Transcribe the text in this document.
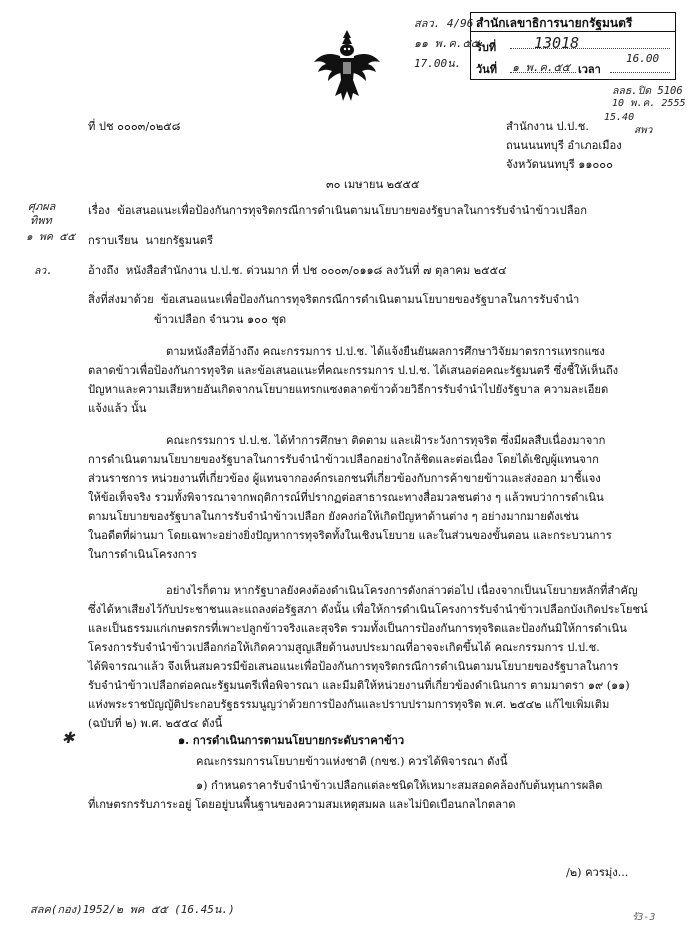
สำนักเลขาธิการนายกรัฐมนตรี
รับที่	13018
วันที่ ๑ พ.ค.๕๕ เวลา
16.00
สลว. 4/96
๑๑ พ.ค.๕๕
17.00น.
ลลธ.ปิด 5106
10 พ.ค. 2555
15.40
สพว
ที่ ปช ๐๐๐๓/๐๒๕๘	สำนักงาน ป.ป.ช.
ถนนนนทบุรี อำเภอเมือง
จังหวัดนนทบุรี ๑๑๐๐๐
๓๐ เมษายน ๒๕๕๕
ศุภผล
ทิพท
๑ พค ๕๕
ลว.
เรื่อง ข้อเสนอแนะเพื่อป้องกันการทุจริตกรณีการดำเนินตามนโยบายของรัฐบาลในการรับจำนำข้าวเปลือก
กราบเรียน นายกรัฐมนตรี
อ้างถึง หนังสือสำนักงาน ป.ป.ช. ด่วนมาก ที่ ปช ๐๐๐๓/๐๑๑๘ ลงวันที่ ๗ ตุลาคม ๒๕๕๔
สิ่งที่ส่งมาด้วย ข้อเสนอแนะเพื่อป้องกันการทุจริตกรณีการดำเนินตามนโยบายของรัฐบาลในการรับจำนำ
ข้าวเปลือก จำนวน ๑๐๐ ชุด
ตามหนังสือที่อ้างถึง คณะกรรมการ ป.ป.ช. ได้แจ้งยืนยันผลการศึกษาวิจัยมาตรการแทรกแซง
ตลาดข้าวเพื่อป้องกันการทุจริต และข้อเสนอแนะที่คณะกรรมการ ป.ป.ช. ได้เสนอต่อคณะรัฐมนตรี ซึ่งชี้ให้เห็นถึง
ปัญหาและความเสียหายอันเกิดจากนโยบายแทรกแซงตลาดข้าวด้วยวิธีการรับจำนำไปยังรัฐบาล ความละเอียด
แจ้งแล้ว นั้น
คณะกรรมการ ป.ป.ช. ได้ทำการศึกษา ติดตาม และเฝ้าระวังการทุจริต ซึ่งมีผลสืบเนื่องมาจาก
การดำเนินตามนโยบายของรัฐบาลในการรับจำนำข้าวเปลือกอย่างใกล้ชิดและต่อเนื่อง โดยได้เชิญผู้แทนจาก
ส่วนราชการ หน่วยงานที่เกี่ยวข้อง ผู้แทนจากองค์กรเอกชนที่เกี่ยวข้องกับการค้าขายข้าวและส่งออก มาชี้แจง
ให้ข้อเท็จจริง รวมทั้งพิจารณาจากพฤติการณ์ที่ปรากฏต่อสาธารณะทางสื่อมวลชนต่าง ๆ แล้วพบว่าการดำเนิน
ตามนโยบายของรัฐบาลในการรับจำนำข้าวเปลือก ยังคงก่อให้เกิดปัญหาด้านต่าง ๆ อย่างมากมายดังเช่น
ในอดีตที่ผ่านมา โดยเฉพาะอย่างยิ่งปัญหาการทุจริตทั้งในเชิงนโยบาย และในส่วนของขั้นตอน และกระบวนการ
ในการดำเนินโครงการ
✱
อย่างไรก็ตาม หากรัฐบาลยังคงต้องดำเนินโครงการดังกล่าวต่อไป เนื่องจากเป็นนโยบายหลักที่สำคัญ
ซึ่งได้หาเสียงไว้กับประชาชนและแถลงต่อรัฐสภา ดังนั้น เพื่อให้การดำเนินโครงการรับจำนำข้าวเปลือกบังเกิดประโยชน์
และเป็นธรรมแก่เกษตรกรที่เพาะปลูกข้าวจริงและสุจริต รวมทั้งเป็นการป้องกันการทุจริตและป้องกันมิให้การดำเนิน
โครงการรับจำนำข้าวเปลือกก่อให้เกิดความสูญเสียด้านงบประมาณที่อาจจะเกิดขึ้นได้ คณะกรรมการ ป.ป.ช.
ได้พิจารณาแล้ว จึงเห็นสมควรมีข้อเสนอแนะเพื่อป้องกันการทุจริตกรณีการดำเนินตามนโยบายของรัฐบาลในการ
รับจำนำข้าวเปลือกต่อคณะรัฐมนตรีเพื่อพิจารณา และมีมติให้หน่วยงานที่เกี่ยวข้องดำเนินการ ตามมาตรา ๑๙ (๑๑)
แห่งพระราชบัญญัติประกอบรัฐธรรมนูญว่าด้วยการป้องกันและปราบปรามการทุจริต พ.ศ. ๒๕๔๒ แก้ไขเพิ่มเติม
(ฉบับที่ ๒) พ.ศ. ๒๕๕๔ ดังนี้
๑. การดำเนินการตามนโยบายกระดับราคาข้าว
คณะกรรมการนโยบายข้าวแห่งชาติ (กขช.) ควรได้พิจารณา ดังนี้
๑) กำหนดราคารับจำนำข้าวเปลือกแต่ละชนิดให้เหมาะสมสอดคล้องกับต้นทุนการผลิต
ที่เกษตรกรรับภาระอยู่ โดยอยู่บนพื้นฐานของความสมเหตุสมผล และไม่บิดเบือนกลไกตลาด
/๒) ควรมุ่ง...
สลค(กอง)1952/๒ พค ๕๕ (16.45น.)
รั3-3
